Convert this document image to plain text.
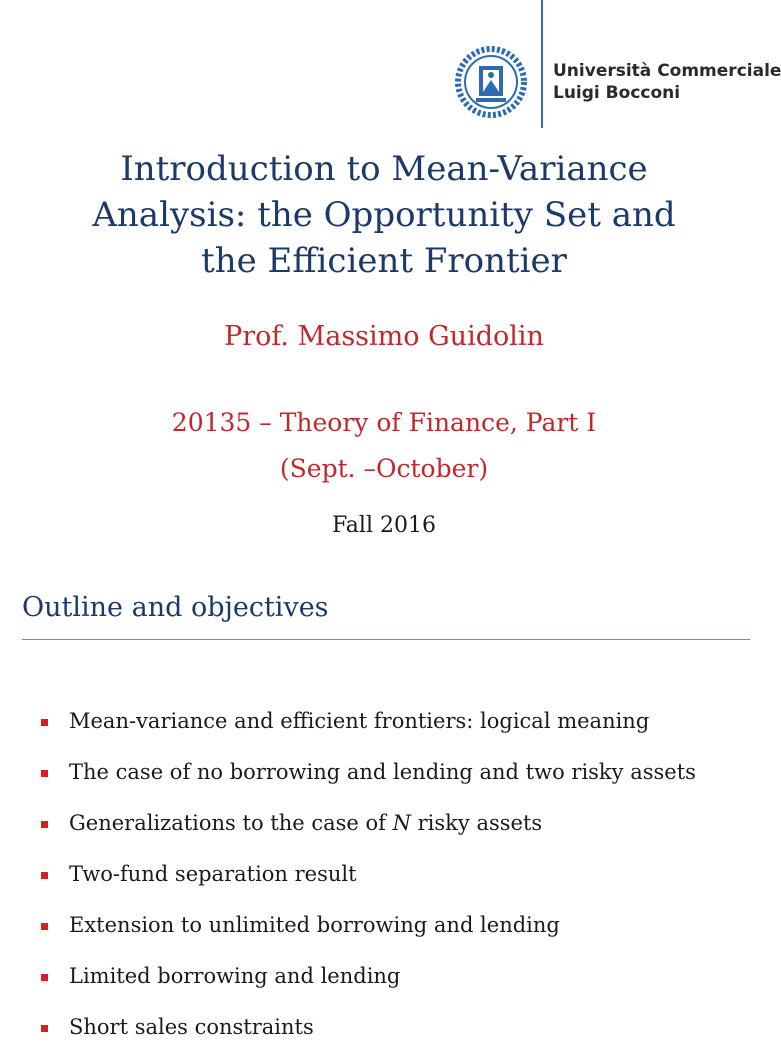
Università Commerciale
Luigi Bocconi
Introduction to Mean-Variance
Analysis: the Opportunity Set and
the Efficient Frontier
Prof. Massimo Guidolin
20135 – Theory of Finance, Part I
(Sept. –October)
Fall 2016
Outline and objectives
Mean-variance and efficient frontiers: logical meaning
The case of no borrowing and lending and two risky assets
Generalizations to the case of N risky assets
Two-fund separation result
Extension to unlimited borrowing and lending
Limited borrowing and lending
Short sales constraints
